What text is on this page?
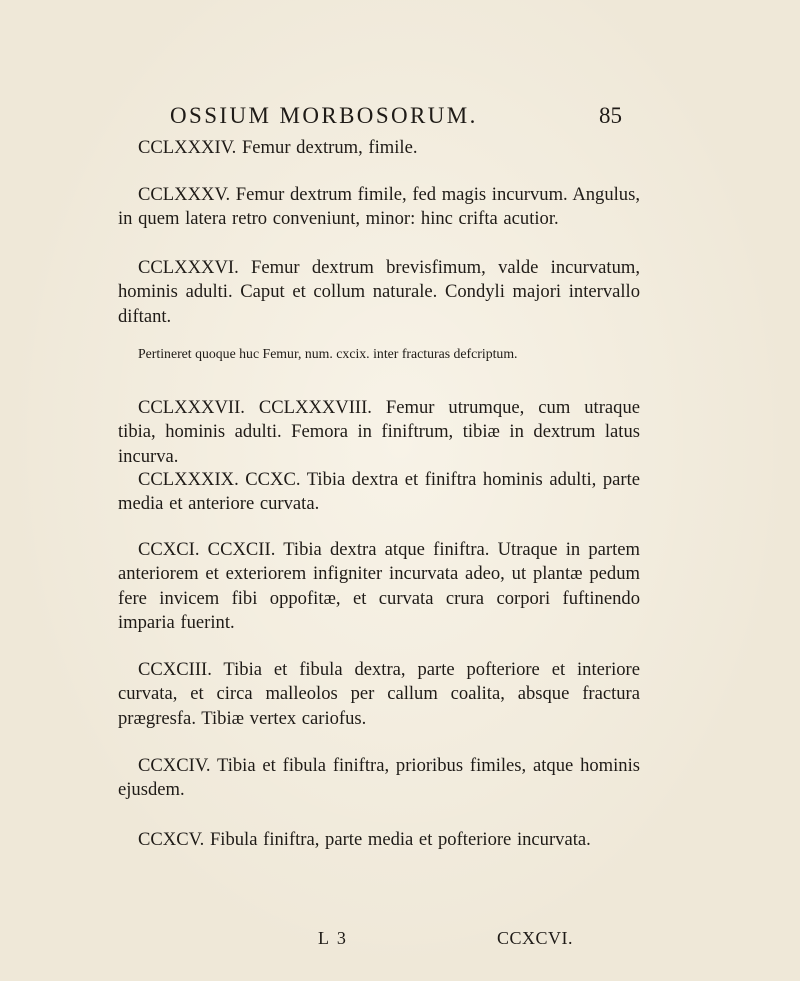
OSSIUM MORBOSORUM.	85

CCLXXXIV. Femur dextrum, fimile.

CCLXXXV. Femur dextrum fimile, fed magis incurvum. Angulus, in quem latera retro conveniunt, minor: hinc crifta acutior.

CCLXXXVI. Femur dextrum brevisfimum, valde incurvatum, hominis adulti. Caput et collum naturale. Condyli majori intervallo diftant.

Pertineret quoque huc Femur, num. cxcix. inter fracturas defcriptum.

CCLXXXVII. CCLXXXVIII. Femur utrumque, cum utraque tibia, hominis adulti. Femora in finiftrum, tibiæ in dextrum latus incurva.

CCLXXXIX. CCXC. Tibia dextra et finiftra hominis adulti, parte media et anteriore curvata.

CCXCI. CCXCII. Tibia dextra atque finiftra. Utraque in partem anteriorem et exteriorem infigniter incurvata adeo, ut plantæ pedum fere invicem fibi oppofitæ, et curvata crura corpori fuftinendo imparia fuerint.

CCXCIII. Tibia et fibula dextra, parte pofteriore et interiore curvata, et circa malleolos per callum coalita, absque fractura prægresfa. Tibiæ vertex cariofus.

CCXCIV. Tibia et fibula finiftra, prioribus fimiles, atque hominis ejusdem.

CCXCV. Fibula finiftra, parte media et pofteriore incurvata.

L 3	CCXCVI.
